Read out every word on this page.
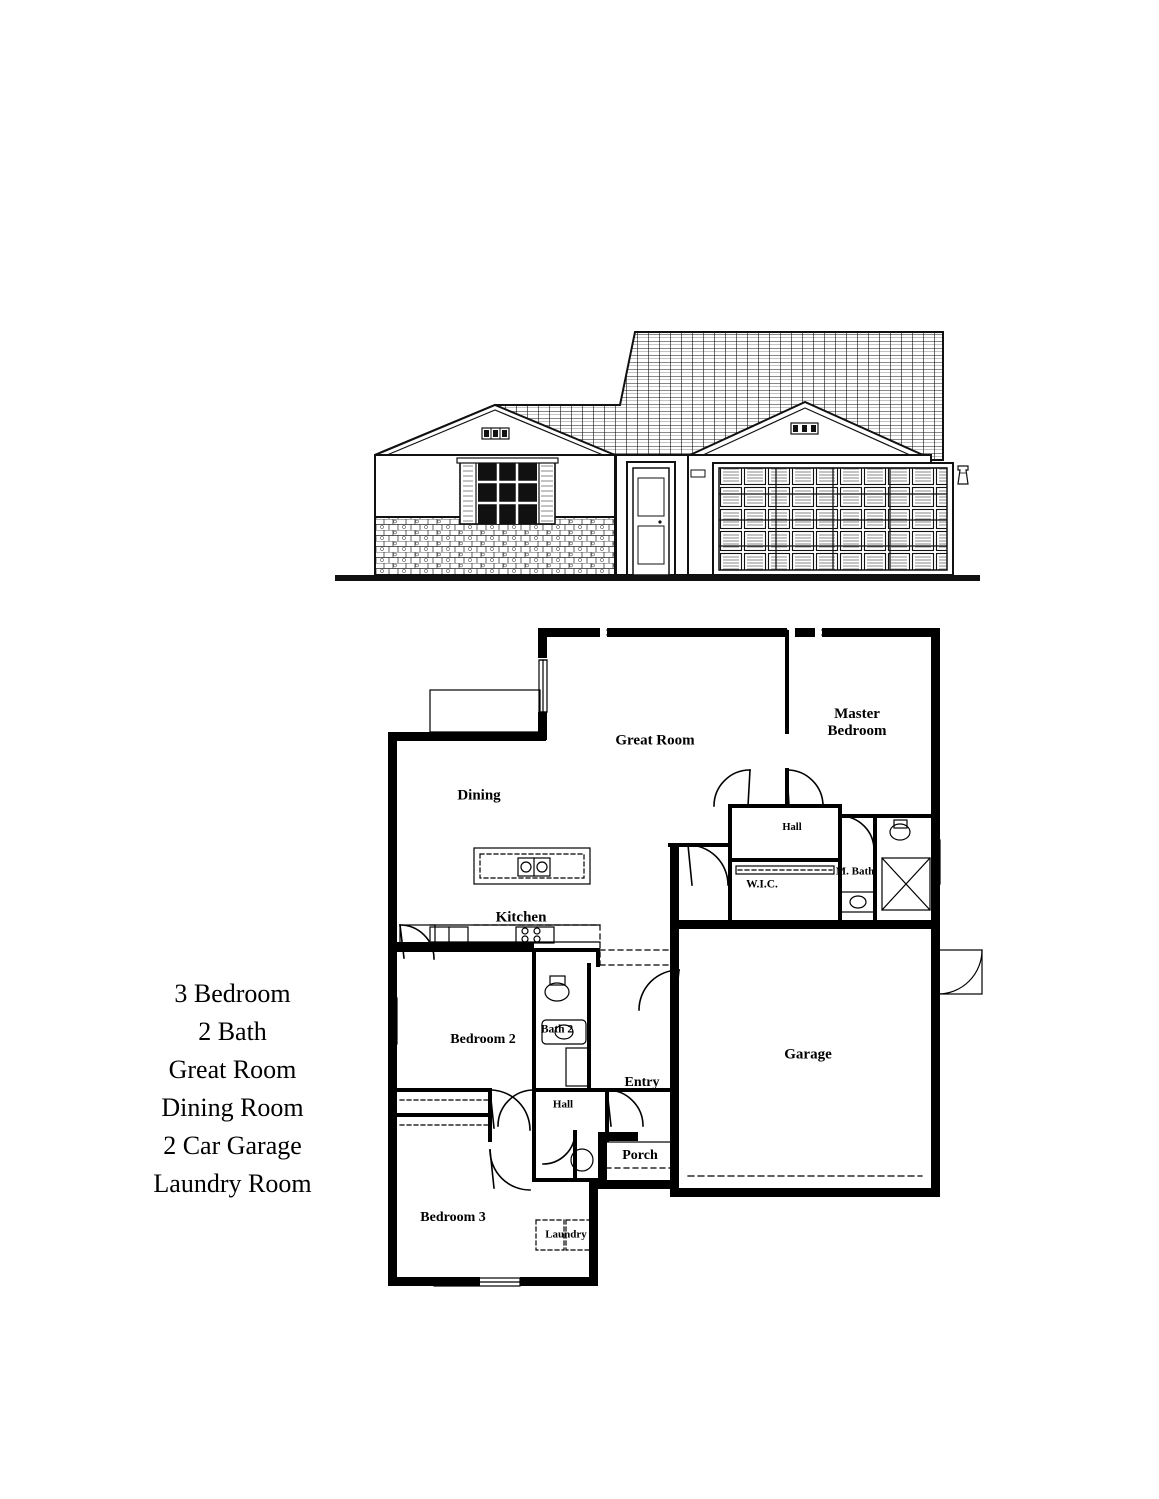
3 Bedroom
2 Bath
Great Room
Dining Room
2 Car Garage
Laundry Room
Great Room
Master
Bedroom
Dining
Hall
M. Bath
W.I.C.
Kitchen
Bedroom 2
Bath 2
Garage
Entry
Hall
Porch
Bedroom 3
Laundry
